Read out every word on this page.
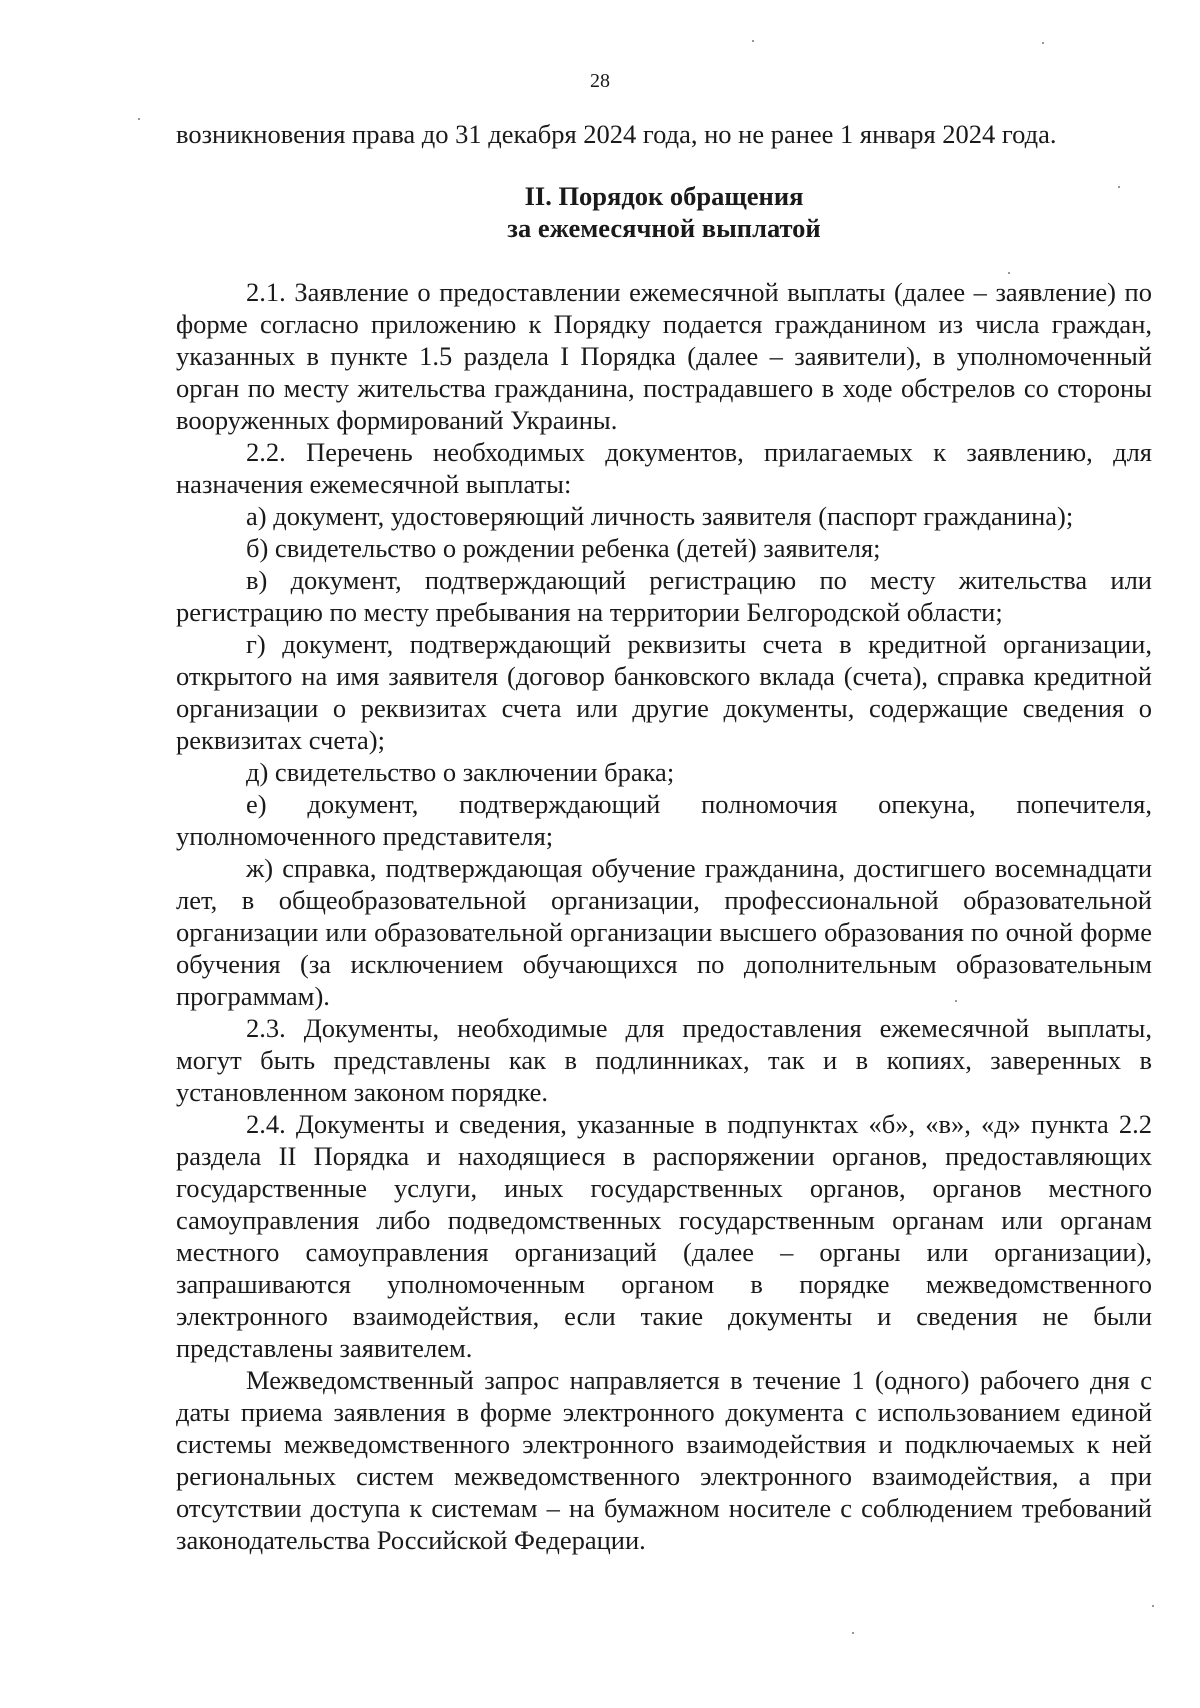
28

возникновения права до 31 декабря 2024 года, но не ранее 1 января 2024 года.

II. Порядок обращения
за ежемесячной выплатой

2.1. Заявление о предоставлении ежемесячной выплаты (далее – заявление) по форме согласно приложению к Порядку подается гражданином из числа граждан, указанных в пункте 1.5 раздела I Порядка (далее – заявители), в уполномоченный орган по месту жительства гражданина, пострадавшего в ходе обстрелов со стороны вооруженных формирований Украины.

2.2. Перечень необходимых документов, прилагаемых к заявлению, для назначения ежемесячной выплаты:

а) документ, удостоверяющий личность заявителя (паспорт гражданина);

б) свидетельство о рождении ребенка (детей) заявителя;

в) документ, подтверждающий регистрацию по месту жительства или регистрацию по месту пребывания на территории Белгородской области;

г) документ, подтверждающий реквизиты счета в кредитной организации, открытого на имя заявителя (договор банковского вклада (счета), справка кредитной организации о реквизитах счета или другие документы, содержащие сведения о реквизитах счета);

д) свидетельство о заключении брака;

е) документ, подтверждающий полномочия опекуна, попечителя, уполномоченного представителя;

ж) справка, подтверждающая обучение гражданина, достигшего восемнадцати лет, в общеобразовательной организации, профессиональной образовательной организации или образовательной организации высшего образования по очной форме обучения (за исключением обучающихся по дополнительным образовательным программам).

2.3. Документы, необходимые для предоставления ежемесячной выплаты, могут быть представлены как в подлинниках, так и в копиях, заверенных в установленном законом порядке.

2.4. Документы и сведения, указанные в подпунктах «б», «в», «д» пункта 2.2 раздела II Порядка и находящиеся в распоряжении органов, предоставляющих государственные услуги, иных государственных органов, органов местного самоуправления либо подведомственных государственным органам или органам местного самоуправления организаций (далее – органы или организации), запрашиваются уполномоченным органом в порядке межведомственного электронного взаимодействия, если такие документы и сведения не были представлены заявителем.

Межведомственный запрос направляется в течение 1 (одного) рабочего дня с даты приема заявления в форме электронного документа с использованием единой системы межведомственного электронного взаимодействия и подключаемых к ней региональных систем межведомственного электронного взаимодействия, а при отсутствии доступа к системам – на бумажном носителе с соблюдением требований законодательства Российской Федерации.
